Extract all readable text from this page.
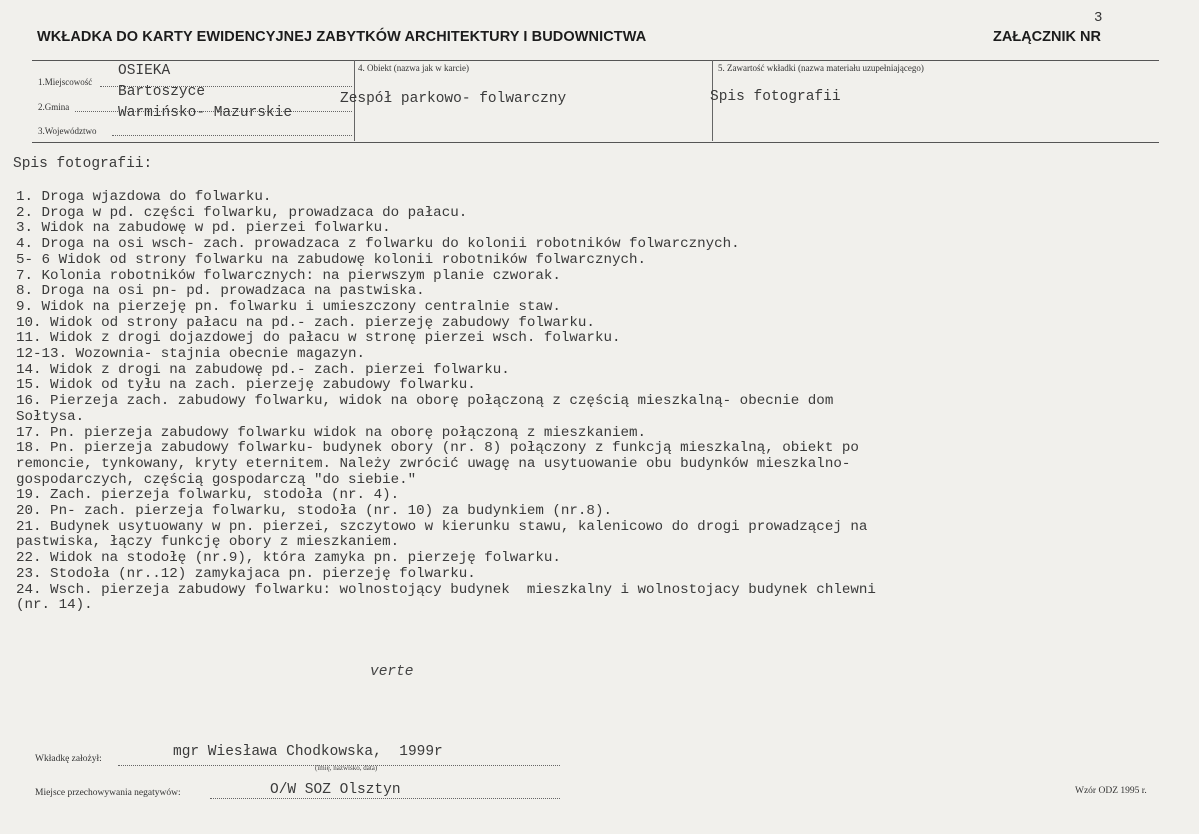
3
WKŁADKA DO KARTY EWIDENCYJNEJ ZABYTKÓW ARCHITEKTURY I BUDOWNICTWA	ZAŁĄCZNIK NR
1.Miejscowość
OSIEKA
2.Gmina
Bartoszyce
3.Województwo
Warmińsko- Mazurskie
4. Obiekt (nazwa jak w karcie)
Zespół parkowo- folwarczny
5. Zawartość wkładki (nazwa materiału uzupełniającego)
Spis fotografii
Spis fotografii:
1. Droga wjazdowa do folwarku.
2. Droga w pd. części folwarku, prowadzaca do pałacu.
3. Widok na zabudowę w pd. pierzei folwarku.
4. Droga na osi wsch- zach. prowadzaca z folwarku do kolonii robotników folwarcznych.
5- 6 Widok od strony folwarku na zabudowę kolonii robotników folwarcznych.
7. Kolonia robotników folwarcznych: na pierwszym planie czworak.
8. Droga na osi pn- pd. prowadzaca na pastwiska.
9. Widok na pierzeję pn. folwarku i umieszczony centralnie staw.
10. Widok od strony pałacu na pd.- zach. pierzeję zabudowy folwarku.
11. Widok z drogi dojazdowej do pałacu w stronę pierzei wsch. folwarku.
12-13. Wozownia- stajnia obecnie magazyn.
14. Widok z drogi na zabudowę pd.- zach. pierzei folwarku.
15. Widok od tyłu na zach. pierzeję zabudowy folwarku.
16. Pierzeja zach. zabudowy folwarku, widok na oborę połączoną z częścią mieszkalną- obecnie dom
Sołtysa.
17. Pn. pierzeja zabudowy folwarku widok na oborę połączoną z mieszkaniem.
18. Pn. pierzeja zabudowy folwarku- budynek obory (nr. 8) połączony z funkcją mieszkalną, obiekt po
remoncie, tynkowany, kryty eternitem. Należy zwrócić uwagę na usytuowanie obu budynków mieszkalno-
gospodarczych, częścią gospodarczą "do siebie."
19. Zach. pierzeja folwarku, stodoła (nr. 4).
20. Pn- zach. pierzeja folwarku, stodoła (nr. 10) za budynkiem (nr.8).
21. Budynek usytuowany w pn. pierzei, szczytowo w kierunku stawu, kalenicowo do drogi prowadzącej na
pastwiska, łączy funkcję obory z mieszkaniem.
22. Widok na stodołę (nr.9), która zamyka pn. pierzeję folwarku.
23. Stodoła (nr..12) zamykajaca pn. pierzeję folwarku.
24. Wsch. pierzeja zabudowy folwarku: wolnostojący budynek  mieszkalny i wolnostojacy budynek chlewni
(nr. 14).
verte
Wkładkę założył:	mgr Wiesława Chodkowska,  1999r
(imię, nazwisko, data)
Miejsce przechowywania negatywów:	O/W SOZ Olsztyn	Wzór ODZ 1995 r.
